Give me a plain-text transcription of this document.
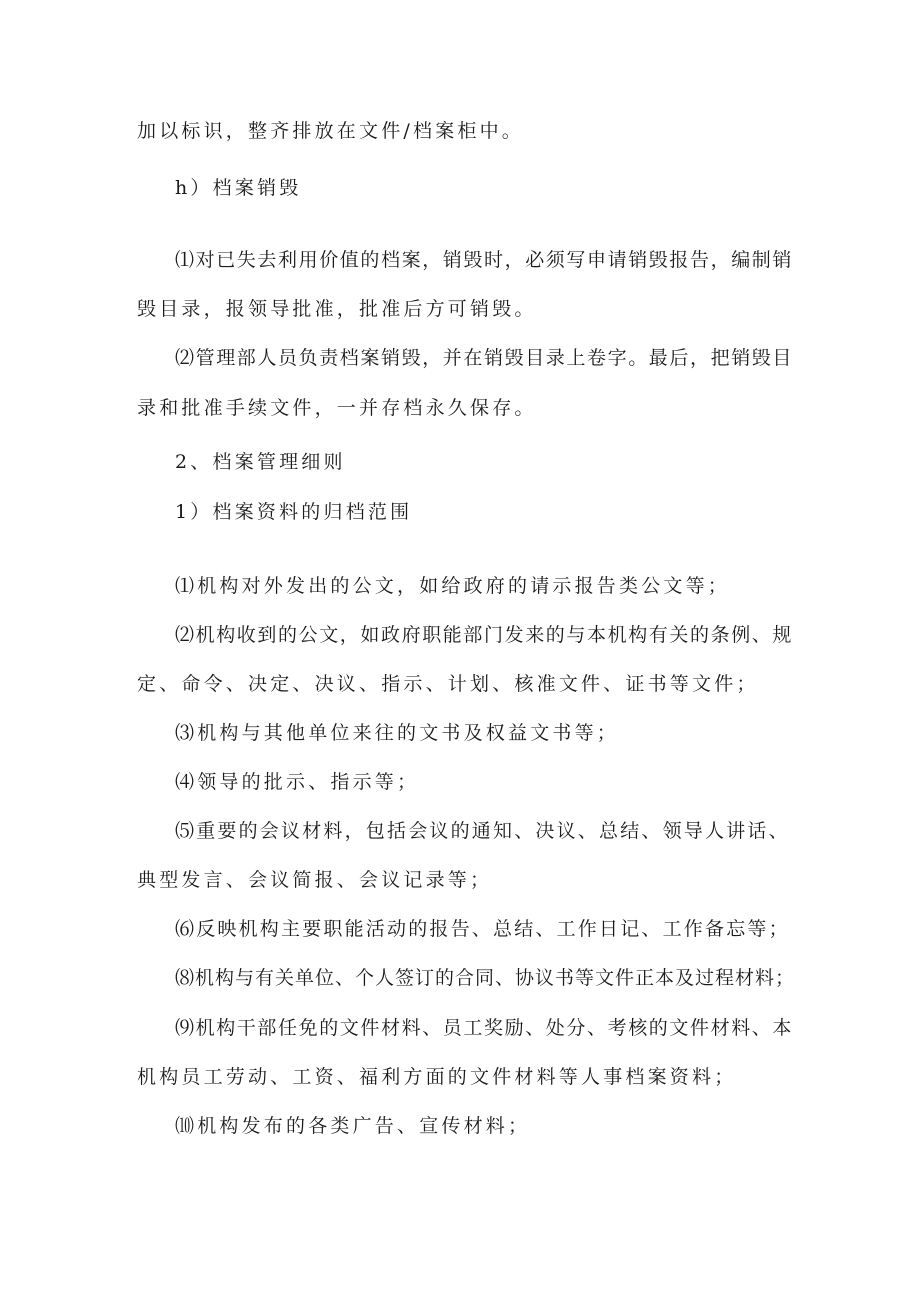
加以标识，整齐排放在文件/档案柜中。
h）档案销毁
⑴对已失去利用价值的档案，销毁时，必须写申请销毁报告，编制销
毁目录，报领导批准，批准后方可销毁。
⑵管理部人员负责档案销毁，并在销毁目录上卷字。最后，把销毁目
录和批准手续文件，一并存档永久保存。
2、档案管理细则
1）档案资料的归档范围
⑴机构对外发出的公文，如给政府的请示报告类公文等；
⑵机构收到的公文，如政府职能部门发来的与本机构有关的条例、规
定、命令、决定、决议、指示、计划、核准文件、证书等文件；
⑶机构与其他单位来往的文书及权益文书等；
⑷领导的批示、指示等；
⑸重要的会议材料，包括会议的通知、决议、总结、领导人讲话、
典型发言、会议简报、会议记录等；
⑹反映机构主要职能活动的报告、总结、工作日记、工作备忘等；
⑻机构与有关单位、个人签订的合同、协议书等文件正本及过程材料；
⑼机构干部任免的文件材料、员工奖励、处分、考核的文件材料、本
机构员工劳动、工资、福利方面的文件材料等人事档案资料；
⑽机构发布的各类广告、宣传材料；
